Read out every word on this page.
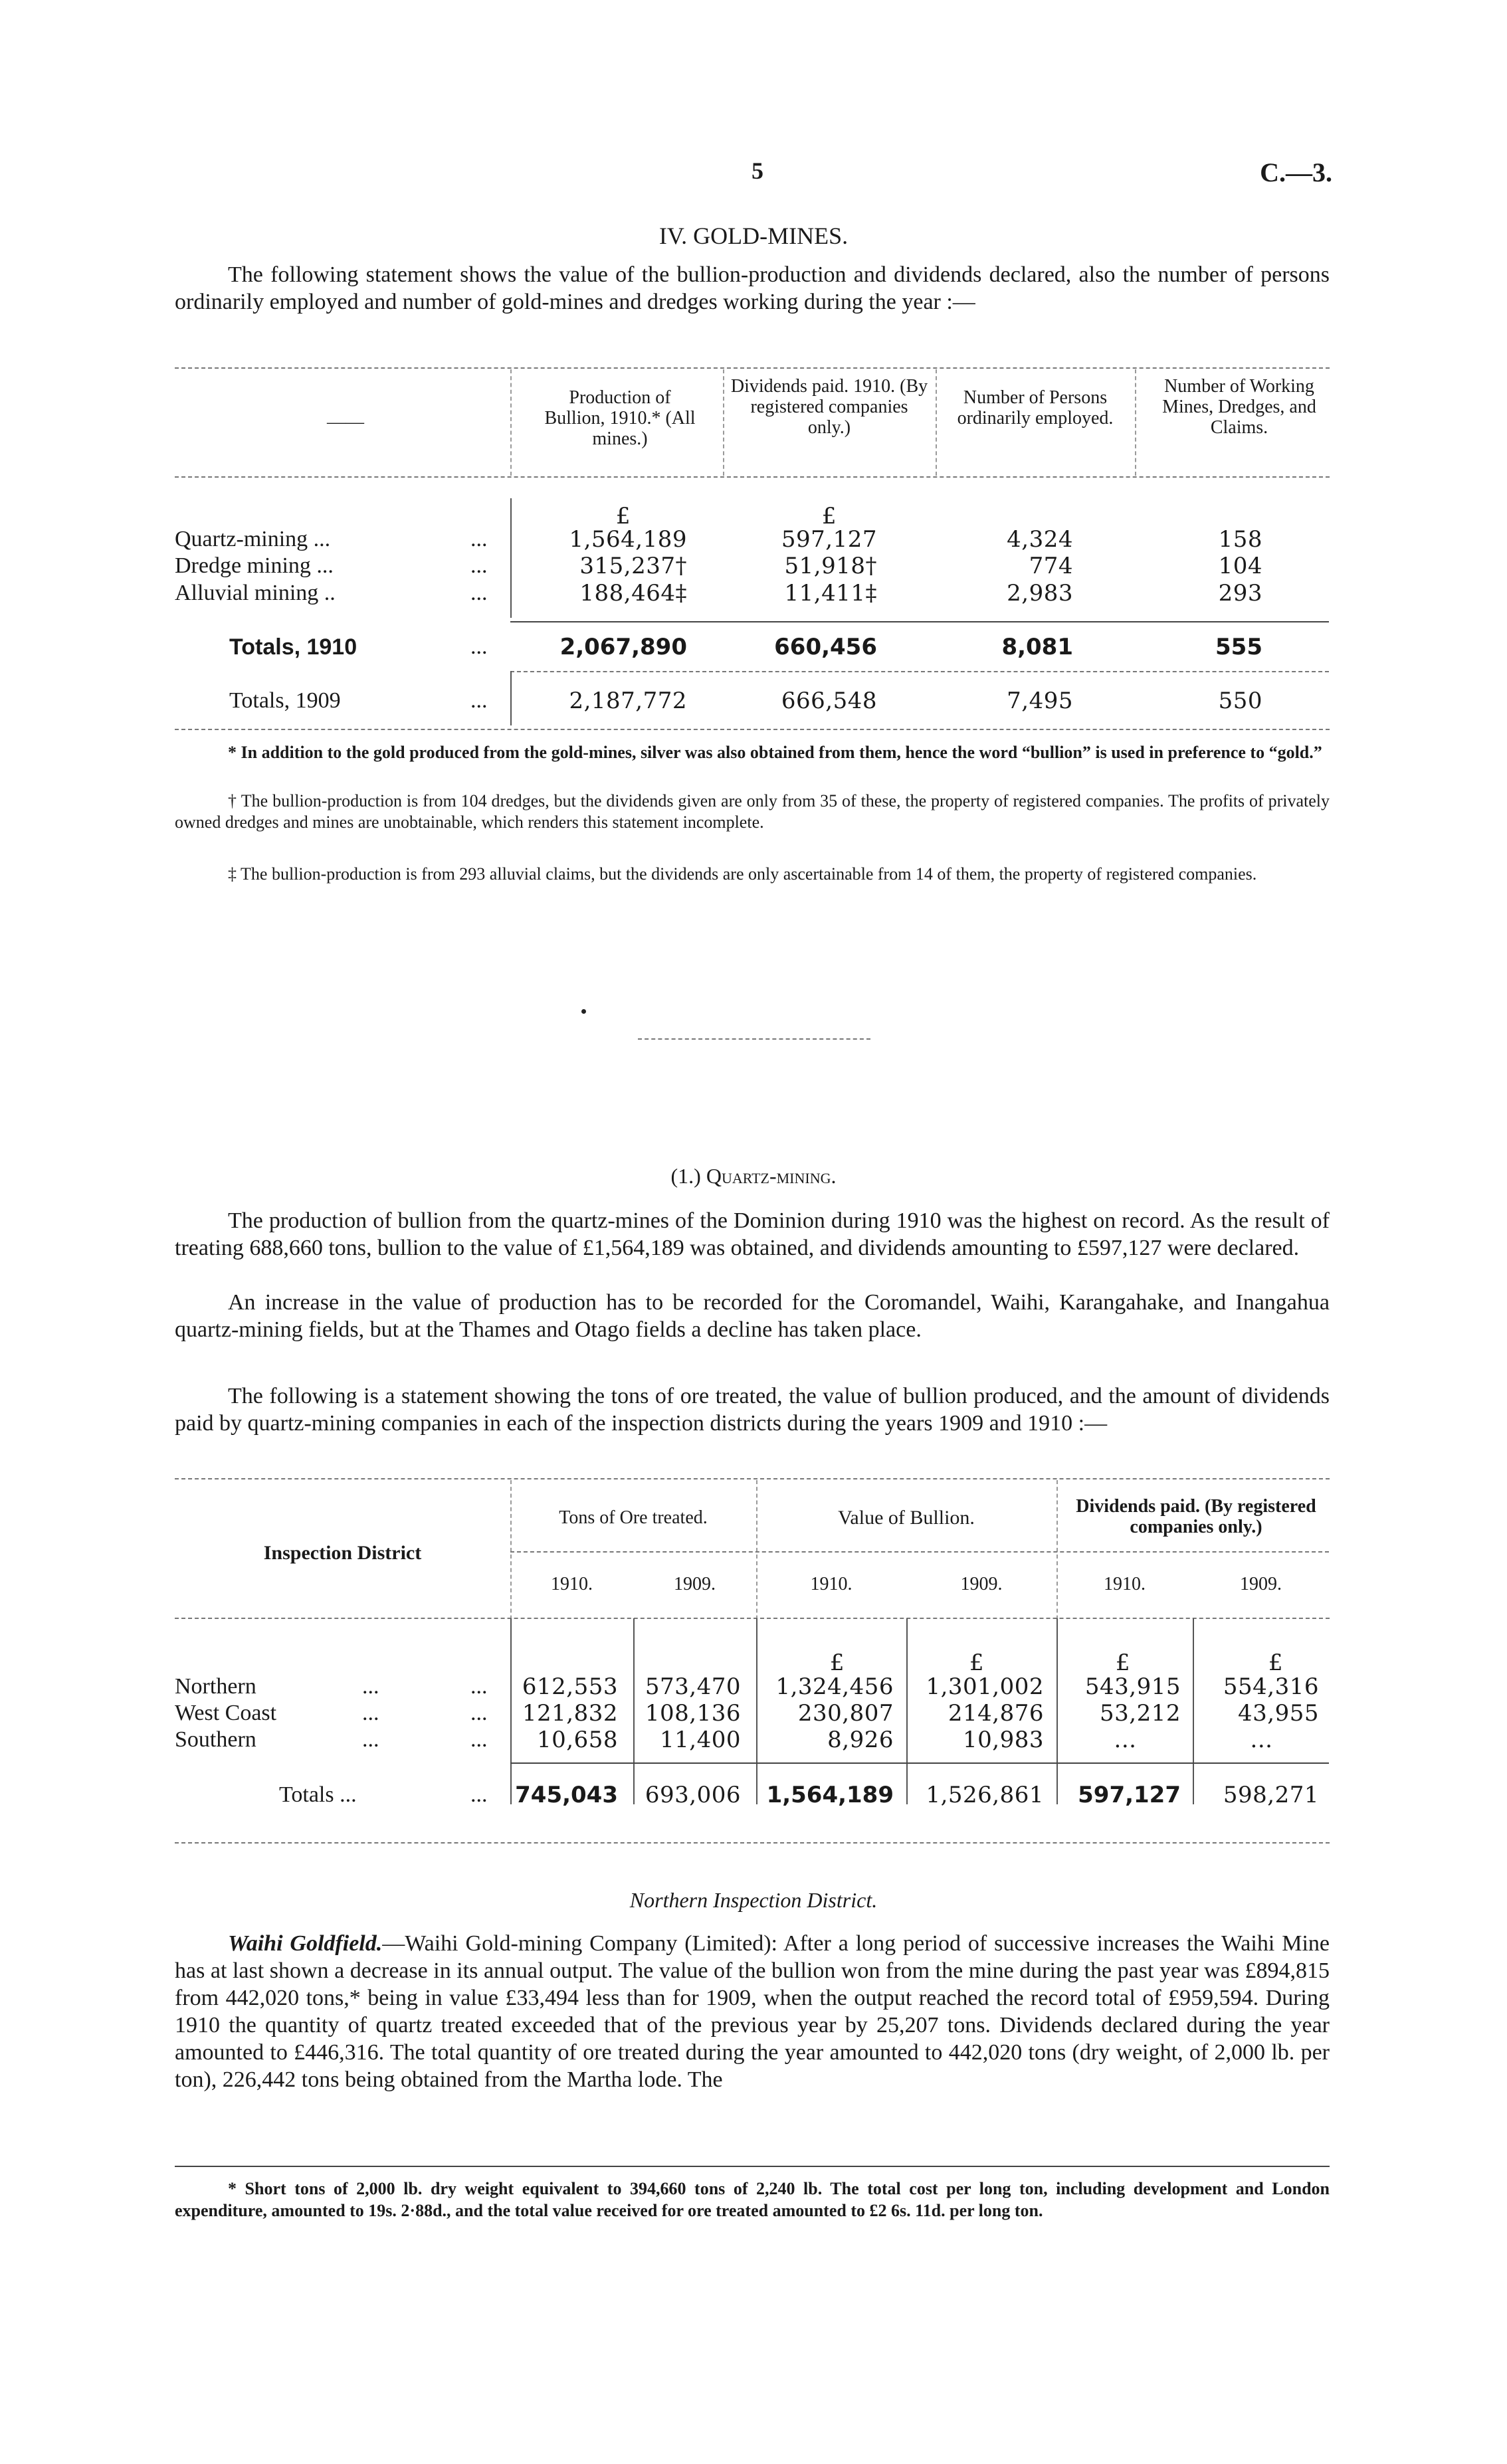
5	C.—3.
IV. GOLD-MINES.
The following statement shows the value of the bullion-production and dividends declared, also the number of persons ordinarily employed and number of gold-mines and dredges working during the year :—
——
Production of Bullion, 1910.* (All mines.)
Dividends paid. 1910. (By registered companies only.)
Number of Persons ordinarily employed.
Number of Working Mines, Dredges, and Claims.
£	£
Quartz-mining ...	...	1,564,189	597,127	4,324	158
Dredge mining ...	...	315,237†	51,918†	774	104
Alluvial mining ..	...	188,464‡	11,411‡	2,983	293
Totals, 1910	...	2,067,890	660,456	8,081	555
Totals, 1909	...	2,187,772	666,548	7,495	550
* In addition to the gold produced from the gold-mines, silver was also obtained from them, hence the word “bullion” is used in preference to “gold.”
† The bullion-production is from 104 dredges, but the dividends given are only from 35 of these, the property of registered companies. The profits of privately owned dredges and mines are unobtainable, which renders this statement incomplete.
‡ The bullion-production is from 293 alluvial claims, but the dividends are only ascertainable from 14 of them, the property of registered companies.
(1.) Quartz-mining.
The production of bullion from the quartz-mines of the Dominion during 1910 was the highest on record. As the result of treating 688,660 tons, bullion to the value of £1,564,189 was obtained, and dividends amounting to £597,127 were declared.
An increase in the value of production has to be recorded for the Coromandel, Waihi, Karangahake, and Inangahua quartz-mining fields, but at the Thames and Otago fields a decline has taken place.
The following is a statement showing the tons of ore treated, the value of bullion produced, and the amount of dividends paid by quartz-mining companies in each of the inspection districts during the years 1909 and 1910 :—
Inspection District
Tons of Ore treated.	Value of Bullion.
Dividends paid. (By registered companies only.)
1910.	1909.	1910.	1909.	1910.	1909.
£	£	£	£
Northern	...	...	612,553	573,470	1,324,456	1,301,002	543,915	554,316
West Coast	...	...	121,832	108,136	230,807	214,876	53,212	43,955
Southern	...	...	10,658	11,400	8,926	10,983	...	...
Totals ...	... 745,043	693,006	1,564,189	1,526,861	597,127	598,271
Northern Inspection District.
Waihi Goldfield.—Waihi Gold-mining Company (Limited): After a long period of successive increases the Waihi Mine has at last shown a decrease in its annual output. The value of the bullion won from the mine during the past year was £894,815 from 442,020 tons,* being in value £33,494 less than for 1909, when the output reached the record total of £959,594. During 1910 the quantity of quartz treated exceeded that of the previous year by 25,207 tons. Dividends declared during the year amounted to £446,316. The total quantity of ore treated during the year amounted to 442,020 tons (dry weight, of 2,000 lb. per ton), 226,442 tons being obtained from the Martha lode. The
* Short tons of 2,000 lb. dry weight equivalent to 394,660 tons of 2,240 lb. The total cost per long ton, including development and London expenditure, amounted to 19s. 2·88d., and the total value received for ore treated amounted to £2 6s. 11d. per long ton.
